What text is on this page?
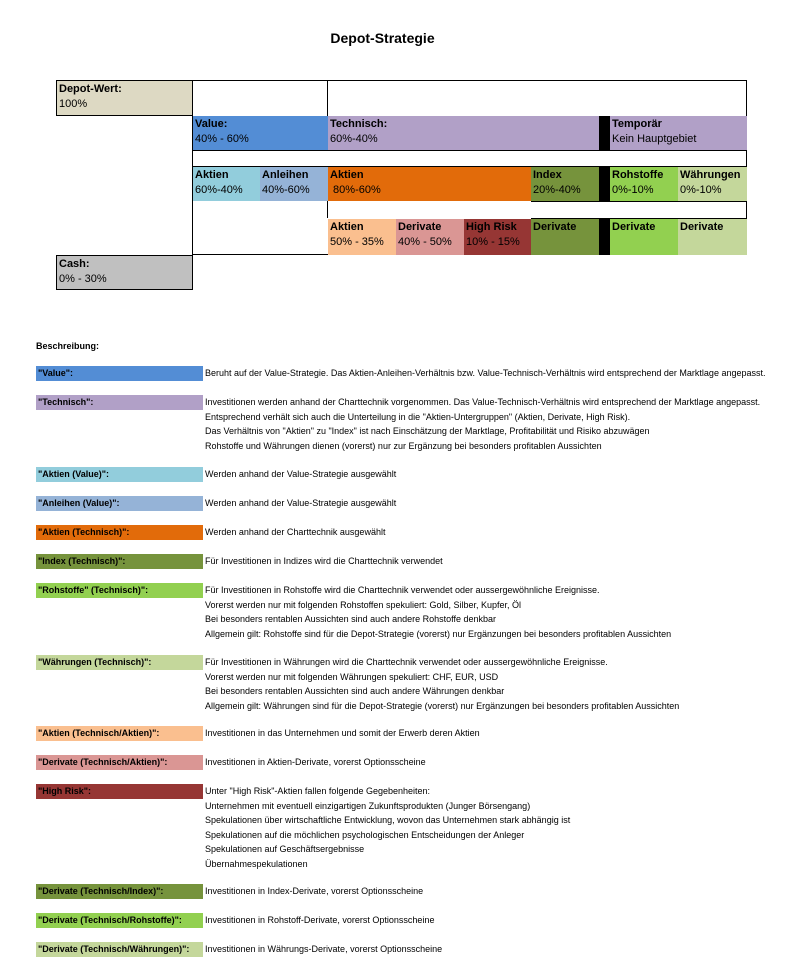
Depot-Strategie
Depot-Wert:
100%
Value:
40% - 60%
Technisch:
60%-40%
Temporär
Kein Hauptgebiet
Aktien
60%-40%
Anleihen
40%-60%
Aktien
80%-60%
Index
20%-40%
Rohstoffe
0%-10%
Währungen
0%-10%
Aktien
50% - 35%
Derivate
40% - 50%
High Risk
10% - 15%
Derivate	Derivate	Derivate
Cash:
0% - 30%
Beschreibung:
"Value":	Beruht auf der Value-Strategie. Das Aktien-Anleihen-Verhältnis bzw. Value-Technisch-Verhältnis wird entsprechend der Marktlage angepasst.
"Technisch":	Investitionen werden anhand der Charttechnik vorgenommen. Das Value-Technisch-Verhältnis wird entsprechend der Marktlage angepasst.
Entsprechend verhält sich auch die Unterteilung in die "Aktien-Untergruppen" (Aktien, Derivate, High Risk).
Das Verhältnis von "Aktien" zu "Index" ist nach Einschätzung der Marktlage, Profitabilität und Risiko abzuwägen
Rohstoffe und Währungen dienen (vorerst) nur zur Ergänzung bei besonders profitablen Aussichten
"Aktien (Value)":	Werden anhand der Value-Strategie ausgewählt
"Anleihen (Value)":	Werden anhand der Value-Strategie ausgewählt
"Aktien (Technisch)":	Werden anhand der Charttechnik ausgewählt
"Index (Technisch)":	Für Investitionen in Indizes wird die Charttechnik verwendet
"Rohstoffe" (Technisch)":	Für Investitionen in Rohstoffe wird die Charttechnik verwendet oder aussergewöhnliche Ereignisse.
Vorerst werden nur mit folgenden Rohstoffen spekuliert: Gold, Silber, Kupfer, Öl
Bei besonders rentablen Aussichten sind auch andere Rohstoffe denkbar
Allgemein gilt: Rohstoffe sind für die Depot-Strategie (vorerst) nur Ergänzungen bei besonders profitablen Aussichten
"Währungen (Technisch)":	Für Investitionen in Währungen wird die Charttechnik verwendet oder aussergewöhnliche Ereignisse.
Vorerst werden nur mit folgenden Währungen spekuliert: CHF, EUR, USD
Bei besonders rentablen Aussichten sind auch andere Währungen denkbar
Allgemein gilt: Währungen sind für die Depot-Strategie (vorerst) nur Ergänzungen bei besonders profitablen Aussichten
"Aktien (Technisch/Aktien)":	Investitionen in das Unternehmen und somit der Erwerb deren Aktien
"Derivate (Technisch/Aktien)":	Investitionen in Aktien-Derivate, vorerst Optionsscheine
"High Risk":	Unter "High Risk"-Aktien fallen folgende Gegebenheiten:
Unternehmen mit eventuell einzigartigen Zukunftsprodukten (Junger Börsengang)
Spekulationen über wirtschaftliche Entwicklung, wovon das Unternehmen stark abhängig ist
Spekulationen auf die möchlichen psychologischen Entscheidungen der Anleger
Spekulationen auf Geschäftsergebnisse
Übernahmespekulationen
"Derivate (Technisch/Index)":	Investitionen in Index-Derivate, vorerst Optionsscheine
"Derivate (Technisch/Rohstoffe)":	Investitionen in Rohstoff-Derivate, vorerst Optionsscheine
"Derivate (Technisch/Währungen)":	Investitionen in Währungs-Derivate, vorerst Optionsscheine
